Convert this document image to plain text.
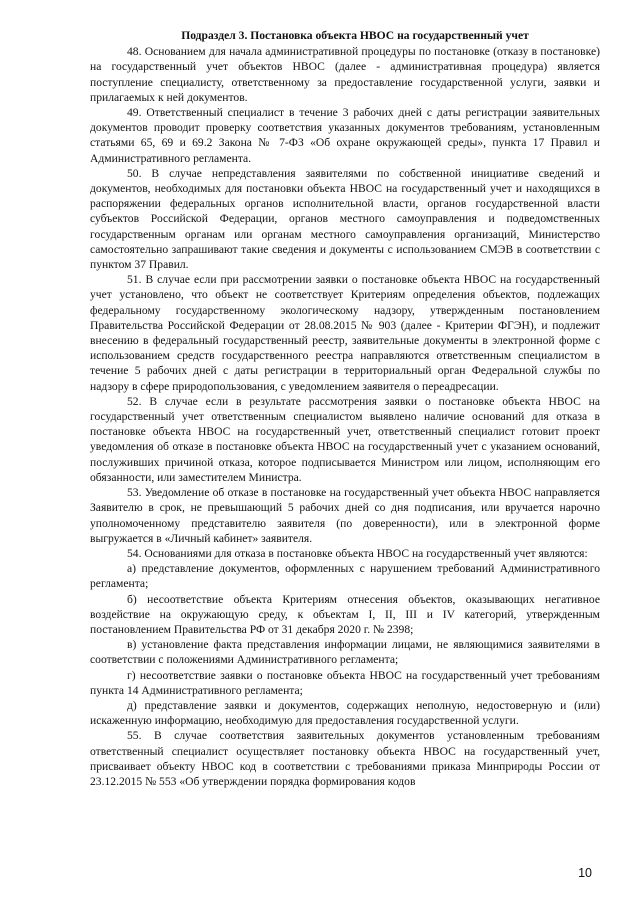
Подраздел 3. Постановка объекта НВОС на государственный учет

48. Основанием для начала административной процедуры по постановке (отказу в постановке) на государственный учет объектов НВОС (далее - административная процедура) является поступление специалисту, ответственному за предоставление государственной услуги, заявки и прилагаемых к ней документов.

49. Ответственный специалист в течение 3 рабочих дней с даты регистрации заявительных документов проводит проверку соответствия указанных документов требованиям, установленным статьями 65, 69 и 69.2 Закона № 7-ФЗ «Об охране окружающей среды», пункта 17 Правил и Административного регламента.

50. В случае непредставления заявителями по собственной инициативе сведений и документов, необходимых для постановки объекта НВОС на государственный учет и находящихся в распоряжении федеральных органов исполнительной власти, органов государственной власти субъектов Российской Федерации, органов местного самоуправления и подведомственных государственным органам или органам местного самоуправления организаций, Министерство самостоятельно запрашивают такие сведения и документы с использованием СМЭВ в соответствии с пунктом 37 Правил.

51. В случае если при рассмотрении заявки о постановке объекта НВОС на государственный учет установлено, что объект не соответствует Критериям определения объектов, подлежащих федеральному государственному экологическому надзору, утвержденным постановлением Правительства Российской Федерации от 28.08.2015 № 903 (далее - Критерии ФГЭН), и подлежит внесению в федеральный государственный реестр, заявительные документы в электронной форме с использованием средств государственного реестра направляются ответственным специалистом в течение 5 рабочих дней с даты регистрации в территориальный орган Федеральной службы по надзору в сфере природопользования, с уведомлением заявителя о переадресации.

52. В случае если в результате рассмотрения заявки о постановке объекта НВОС на государственный учет ответственным специалистом выявлено наличие оснований для отказа в постановке объекта НВОС на государственный учет, ответственный специалист готовит проект уведомления об отказе в постановке объекта НВОС на государственный учет с указанием оснований, послуживших причиной отказа, которое подписывается Министром или лицом, исполняющим его обязанности, или заместителем Министра.

53. Уведомление об отказе в постановке на государственный учет объекта НВОС направляется Заявителю в срок, не превышающий 5 рабочих дней со дня подписания, или вручается нарочно уполномоченному представителю заявителя (по доверенности), или в электронной форме выгружается в «Личный кабинет» заявителя.

54. Основаниями для отказа в постановке объекта НВОС на государственный учет являются:

а) представление документов, оформленных с нарушением требований Административного регламента;

б) несоответствие объекта Критериям отнесения объектов, оказывающих негативное воздействие на окружающую среду, к объектам I, II, III и IV категорий, утвержденным постановлением Правительства РФ от 31 декабря 2020 г. № 2398;

в) установление факта представления информации лицами, не являющимися заявителями в соответствии с положениями Административного регламента;

г) несоответствие заявки о постановке объекта НВОС на государственный учет требованиям пункта 14 Административного регламента;

д) представление заявки и документов, содержащих неполную, недостоверную и (или) искаженную информацию, необходимую для предоставления государственной услуги.

55. В случае соответствия заявительных документов установленным требованиям ответственный специалист осуществляет постановку объекта НВОС на государственный учет, присваивает объекту НВОС код в соответствии с требованиями приказа Минприроды России от 23.12.2015 № 553 «Об утверждении порядка формирования кодов

10
